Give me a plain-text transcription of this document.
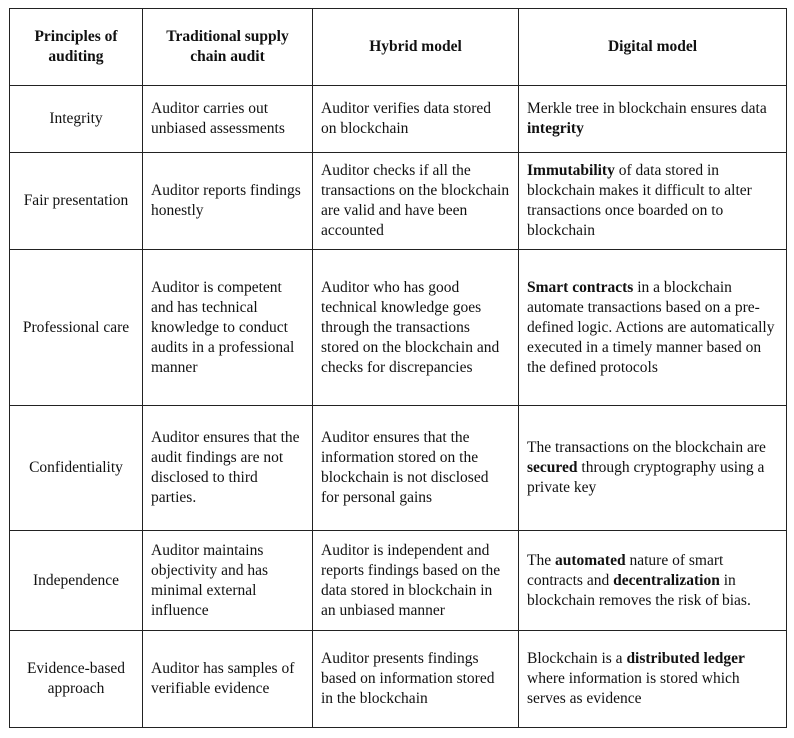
Principles of auditing	Traditional supply chain audit	Hybrid model	Digital model
Integrity	Auditor carries out unbiased assessments	Auditor verifies data stored on blockchain	Merkle tree in blockchain ensures data integrity
Fair presentation	Auditor reports findings honestly	Auditor checks if all the transactions on the blockchain are valid and have been accounted	Immutability of data stored in blockchain makes it difficult to alter transactions once boarded on to blockchain
Professional care	Auditor is competent and has technical knowledge to conduct audits in a professional manner	Auditor who has good technical knowledge goes through the transactions stored on the blockchain and checks for discrepancies	Smart contracts in a blockchain automate transactions based on a pre-defined logic. Actions are automatically executed in a timely manner based on the defined protocols
Confidentiality	Auditor ensures that the audit findings are not disclosed to third parties.	Auditor ensures that the information stored on the blockchain is not disclosed for personal gains	The transactions on the blockchain are secured through cryptography using a private key
Independence	Auditor maintains objectivity and has minimal external influence	Auditor is independent and reports findings based on the data stored in blockchain in an unbiased manner	The automated nature of smart contracts and decentralization in blockchain removes the risk of bias.
Evidence-based approach	Auditor has samples of verifiable evidence	Auditor presents findings based on information stored in the blockchain	Blockchain is a distributed ledger where information is stored which serves as evidence
